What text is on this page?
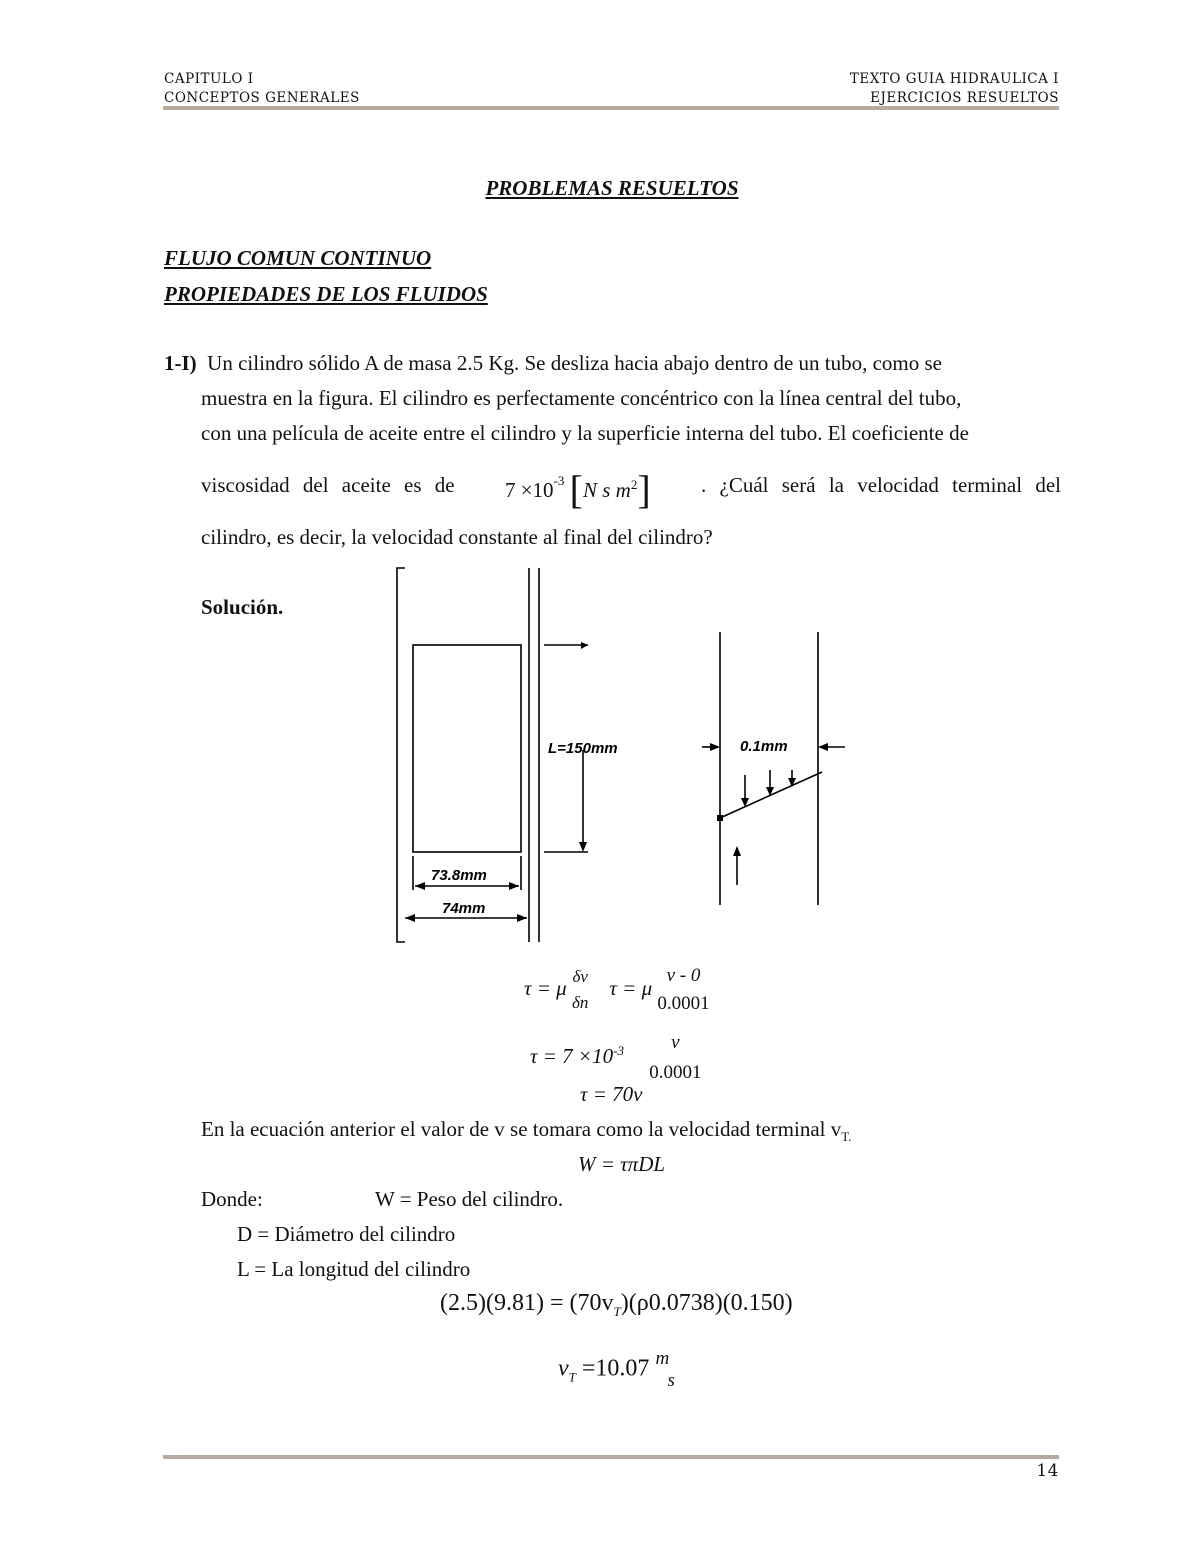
CAPITULO I
CONCEPTOS GENERALES
TEXTO GUIA HIDRAULICA I
EJERCICIOS RESUELTOS
PROBLEMAS RESUELTOS
FLUJO COMUN CONTINUO
PROPIEDADES DE LOS FLUIDOS
1-I) Un cilindro sólido A de masa 2.5 Kg. Se desliza hacia abajo dentro de un tubo, como se
muestra en la figura. El cilindro es perfectamente concéntrico con la línea central del tubo,
con una película de aceite entre el cilindro y la superficie interna del tubo. El coeficiente de
viscosidad del aceite es de $7 \times 10^{-3}$ [N s $m^2$] . ¿Cuál será la velocidad terminal del
cilindro, es decir, la velocidad constante al final del cilindro?
Solución.
L=150mm	0.1mm
73.8mm
74mm
τ = μ δv
δn
τ = μ
v - 0
0.0001
$\tau = 7 \times 10^{-3}$	v
0.0001
τ = 70v
En la ecuación anterior el valor de v se tomara como la velocidad terminal $v_{T.}$
W = τπDL
Donde:	W = Peso del cilindro.
D = Diámetro del cilindro
L = La longitud del cilindro
$(2.5)(9.81) = (70v_T)(\rho 0.0738)(0.150)$
$v_T =10.07$ m
s
14
